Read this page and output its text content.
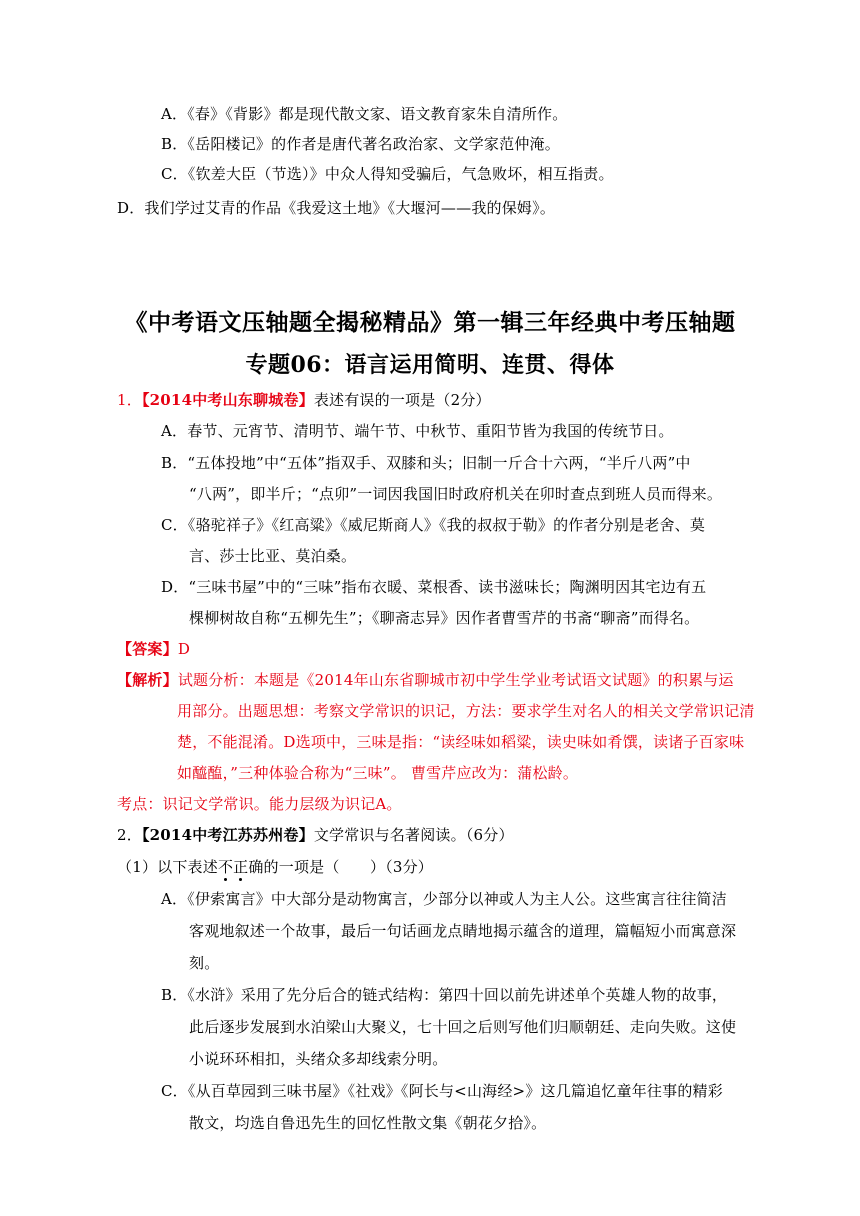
A．《春》《背影》都是现代散文家、语文教育家朱自清所作。

B．《岳阳楼记》的作者是唐代著名政治家、文学家范仲淹。

C．《钦差大臣（节选）》中众人得知受骗后，气急败坏，相互指责。

D．我们学过艾青的作品《我爱这土地》《大堰河——我的保姆》。

《中考语文压轴题全揭秘精品》第一辑三年经典中考压轴题

专题06：语言运用简明、连贯、得体

1．【2014中考山东聊城卷】表述有误的一项是（2分）

A．春节、元宵节、清明节、端午节、中秋节、重阳节皆为我国的传统节日。

B．“五体投地”中“五体”指双手、双膝和头；旧制一斤合十六两，“半斤八两”中

“八两”，即半斤；“点卯”一词因我国旧时政府机关在卯时查点到班人员而得来。

C．《骆驼祥子》《红高粱》《威尼斯商人》《我的叔叔于勒》的作者分别是老舍、莫

言、莎士比亚、莫泊桑。

D．“三味书屋”中的“三味”指布衣暖、菜根香、读书滋味长；陶渊明因其宅边有五

棵柳树故自称“五柳先生”；《聊斋志异》因作者曹雪芹的书斋“聊斋”而得名。

【答案】D

【解析】试题分析：本题是《2014年山东省聊城市初中学生学业考试语文试题》的积累与运

用部分。出题思想：考察文学常识的识记，方法：要求学生对名人的相关文学常识记清

楚，不能混淆。D选项中，三味是指：“读经味如稻粱，读史味如肴馔，读诸子百家味

如醯醢，”三种体验合称为“三味”。 曹雪芹应改为：蒲松龄。

考点：识记文学常识。能力层级为识记A。

2．【2014中考江苏苏州卷】文学常识与名著阅读。（6分）

（1）以下表述不正确的一项是（　　）（3分）

A．《伊索寓言》中大部分是动物寓言，少部分以神或人为主人公。这些寓言往往简洁

客观地叙述一个故事，最后一句话画龙点睛地揭示蕴含的道理，篇幅短小而寓意深

刻。

B．《水浒》采用了先分后合的链式结构：第四十回以前先讲述单个英雄人物的故事，

此后逐步发展到水泊梁山大聚义，七十回之后则写他们归顺朝廷、走向失败。这使

小说环环相扣，头绪众多却线索分明。

C．《从百草园到三味书屋》《社戏》《阿长与<山海经>》这几篇追忆童年往事的精彩

散文，均选自鲁迅先生的回忆性散文集《朝花夕拾》。
